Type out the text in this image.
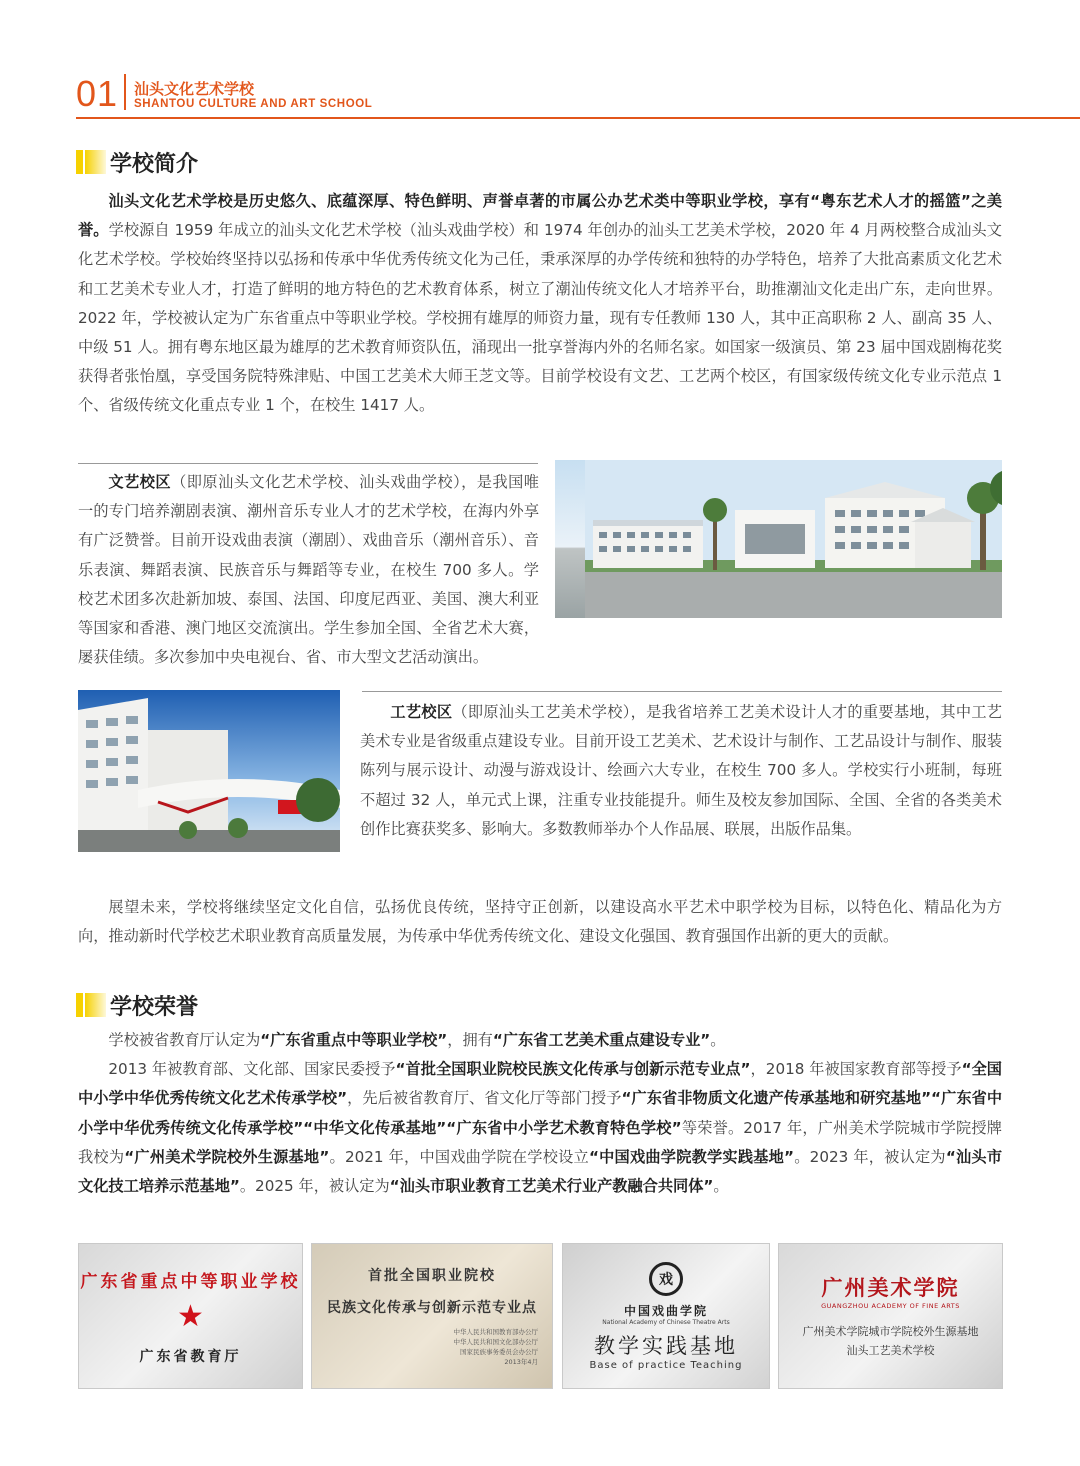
01 汕头文化艺术学校
SHANTOU CULTURE AND ART SCHOOL
学校简介
汕头文化艺术学校是历史悠久、底蕴深厚、特色鲜明、声誉卓著的市属公办艺术类中等职业学校，享有“粤东艺术人才的摇篮”之美誉。学校源自 1959 年成立的汕头文化艺术学校（汕头戏曲学校）和 1974 年创办的汕头工艺美术学校，2020 年 4 月两校整合成汕头文化艺术学校。学校始终坚持以弘扬和传承中华优秀传统文化为己任，秉承深厚的办学传统和独特的办学特色，培养了大批高素质文化艺术和工艺美术专业人才，打造了鲜明的地方特色的艺术教育体系，树立了潮汕传统文化人才培养平台，助推潮汕文化走出广东，走向世界。2022 年，学校被认定为广东省重点中等职业学校。学校拥有雄厚的师资力量，现有专任教师 130 人，其中正高职称 2 人、副高 35 人、中级 51 人。拥有粤东地区最为雄厚的艺术教育师资队伍，涌现出一批享誉海内外的名师名家。如国家一级演员、第 23 届中国戏剧梅花奖获得者张怡凰，享受国务院特殊津贴、中国工艺美术大师王芝文等。目前学校设有文艺、工艺两个校区，有国家级传统文化专业示范点 1 个、省级传统文化重点专业 1 个，在校生 1417 人。
文艺校区（即原汕头文化艺术学校、汕头戏曲学校），是我国唯一的专门培养潮剧表演、潮州音乐专业人才的艺术学校，在海内外享有广泛赞誉。目前开设戏曲表演（潮剧）、戏曲音乐（潮州音乐）、音乐表演、舞蹈表演、民族音乐与舞蹈等专业，在校生 700 多人。学校艺术团多次赴新加坡、泰国、法国、印度尼西亚、美国、澳大利亚等国家和香港、澳门地区交流演出。学生参加全国、全省艺术大赛，屡获佳绩。多次参加中央电视台、省、市大型文艺活动演出。
工艺校区（即原汕头工艺美术学校），是我省培养工艺美术设计人才的重要基地，其中工艺美术专业是省级重点建设专业。目前开设工艺美术、艺术设计与制作、工艺品设计与制作、服装陈列与展示设计、动漫与游戏设计、绘画六大专业，在校生 700 多人。学校实行小班制，每班不超过 32 人，单元式上课，注重专业技能提升。师生及校友参加国际、全国、全省的各类美术创作比赛获奖多、影响大。多数教师举办个人作品展、联展，出版作品集。
展望未来，学校将继续坚定文化自信，弘扬优良传统，坚持守正创新，以建设高水平艺术中职学校为目标，以特色化、精品化为方向，推动新时代学校艺术职业教育高质量发展，为传承中华优秀传统文化、建设文化强国、教育强国作出新的更大的贡献。
学校荣誉
学校被省教育厅认定为“广东省重点中等职业学校”，拥有“广东省工艺美术重点建设专业”。
2013 年被教育部、文化部、国家民委授予“首批全国职业院校民族文化传承与创新示范专业点”，2018 年被国家教育部等授予“全国中小学中华优秀传统文化艺术传承学校”，先后被省教育厅、省文化厅等部门授予“广东省非物质文化遗产传承基地和研究基地”“广东省中小学中华优秀传统文化传承学校”“中华文化传承基地”“广东省中小学艺术教育特色学校”等荣誉。2017 年，广州美术学院城市学院授牌我校为“广州美术学院校外生源基地”。2021 年，中国戏曲学院在学校设立“中国戏曲学院教学实践基地”。2023 年，被认定为“汕头市文化技工培养示范基地”。2025 年，被认定为“汕头市职业教育工艺美术行业产教融合共同体”。
广东省重点中等职业学校
★
广东省教育厅
首批全国职业院校
民族文化传承与创新示范专业点
中华人民共和国教育部办公厅
中华人民共和国文化部办公厅
国家民族事务委员会办公厅
2013年4月
戏
中国戏曲学院
National Academy of Chinese Theatre Arts
教学实践基地
Base of practice Teaching
广州美术学院
GUANGZHOU ACADEMY OF FINE ARTS
广州美术学院城市学院校外生源基地
汕头工艺美术学校
